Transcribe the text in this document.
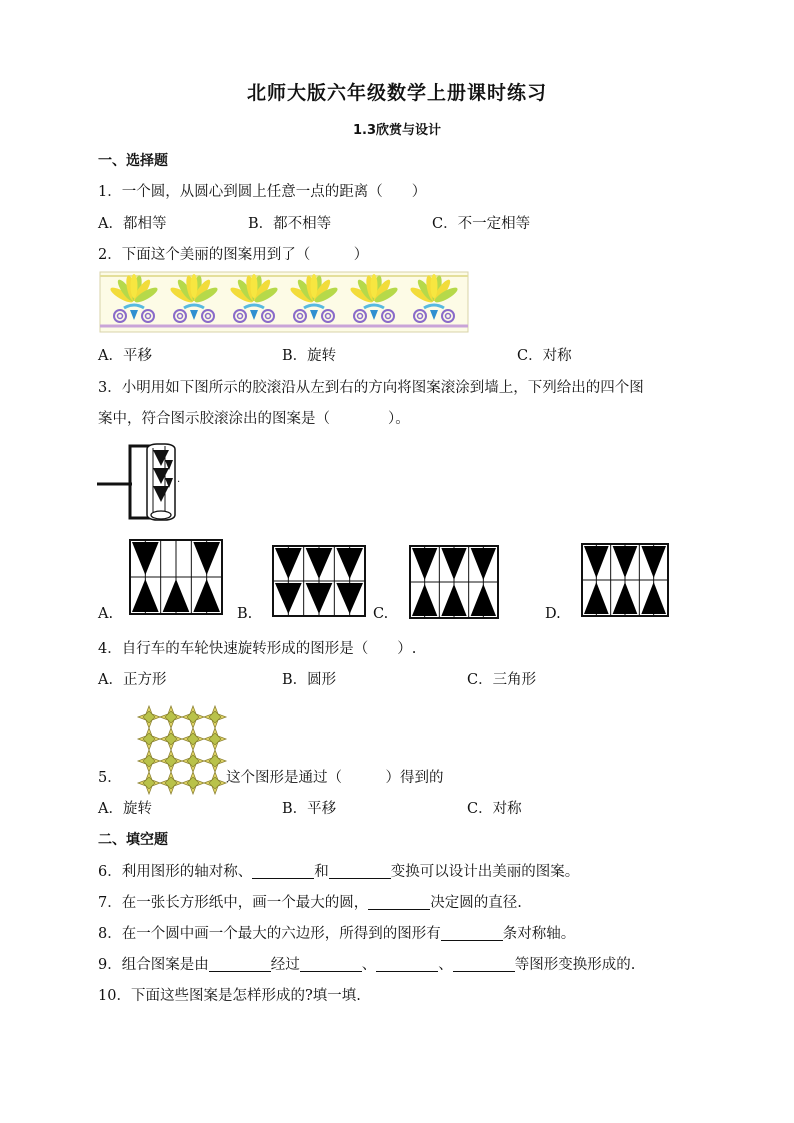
北师大版六年级数学上册课时练习
1.3欣赏与设计
一、选择题
1．一个圆，从圆心到圆上任意一点的距离（　　）
A．都相等	B．都不相等	C．不一定相等
2．下面这个美丽的图案用到了（　　　）
A．平移	B．旋转	C．对称
3．小明用如下图所示的胶滚沿从左到右的方向将图案滚涂到墙上，下列给出的四个图
案中，符合图示胶滚涂出的图案是（　　　　）。
.
A.	B.	C.	D.
4．自行车的车轮快速旋转形成的图形是（　　）.
A．正方形	B．圆形	C．三角形
5．	这个图形是通过（　　　）得到的
A．旋转	B．平移	C．对称
二、填空题
6．利用图形的轴对称、	和	变换可以设计出美丽的图案。
7．在一张长方形纸中，画一个最大的圆，	决定圆的直径.
8．在一个圆中画一个最大的六边形，所得到的图形有	条对称轴。
9．组合图案是由	经过	、	、	等图形变换形成的.
10．下面这些图案是怎样形成的?填一填.
